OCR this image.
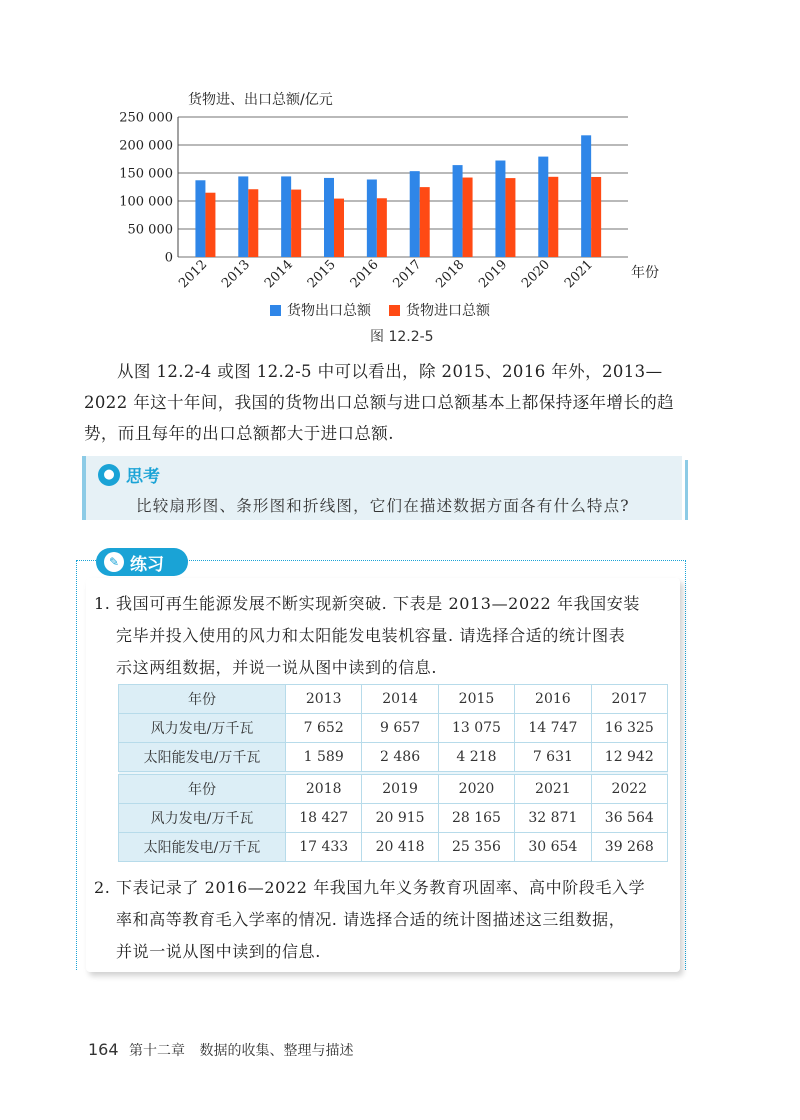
货物进、出口总额/亿元
0
50 000
100 000
150 000
200 000
250 000
2012 2013 2014 2015 2016 2017 2018 2019 2020 2021	年份
货物出口总额	货物进口总额
图 12.2-5

从图 12.2-4 或图 12.2-5 中可以看出，除 2015、2016 年外，2013—2022 年这十年间，我国的货物出口总额与进口总额基本上都保持逐年增长的趋势，而且每年的出口总额都大于进口总额.

● 思考
比较扇形图、条形图和折线图，它们在描述数据方面各有什么特点?
✎ 练习
1. 我国可再生能源发展不断实现新突破. 下表是 2013—2022 年我国安装
完毕并投入使用的风力和太阳能发电装机容量. 请选择合适的统计图表
示这两组数据，并说一说从图中读到的信息.
年份	2013	2014	2015	2016	2017
风力发电/万千瓦	7 652	9 657	13 075	14 747	16 325
太阳能发电/万千瓦	1 589	2 486	4 218	7 631	12 942

年份	2018	2019	2020	2021	2022
风力发电/万千瓦	18 427	20 915	28 165	32 871	36 564
太阳能发电/万千瓦	17 433	20 418	25 356	30 654	39 268
2. 下表记录了 2016—2022 年我国九年义务教育巩固率、高中阶段毛入学
率和高等教育毛入学率的情况. 请选择合适的统计图描述这三组数据，
并说一说从图中读到的信息.
164 第十二章 数据的收集、整理与描述
